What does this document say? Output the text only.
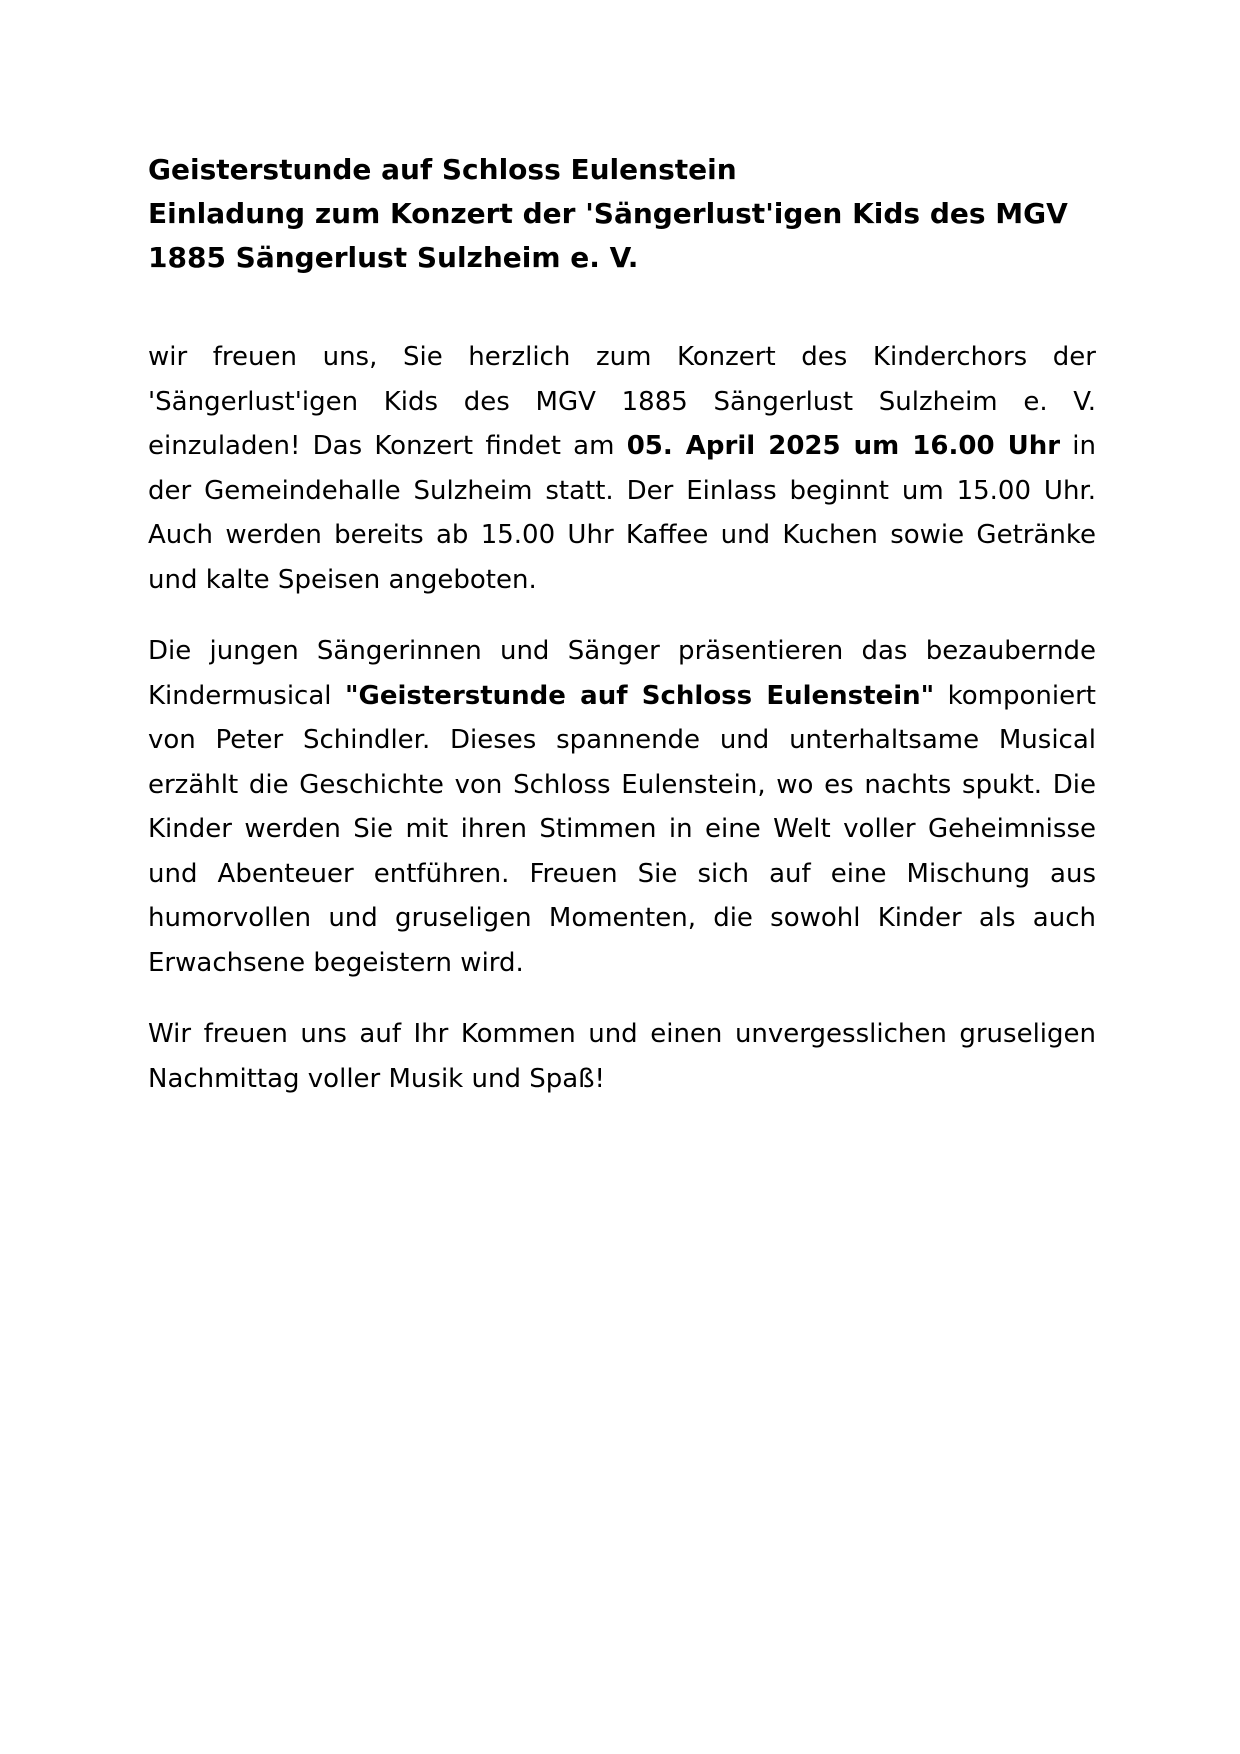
Geisterstunde auf Schloss Eulenstein
Einladung zum Konzert der 'Sängerlust'igen Kids des MGV
1885 Sängerlust Sulzheim e. V.

wir freuen uns, Sie herzlich zum Konzert des Kinderchors der 'Sängerlust'igen Kids des MGV 1885 Sängerlust Sulzheim e. V. einzuladen! Das Konzert findet am 05. April 2025 um 16.00 Uhr in der Gemeindehalle Sulzheim statt. Der Einlass beginnt um 15.00 Uhr. Auch werden bereits ab 15.00 Uhr Kaffee und Kuchen sowie Getränke und kalte Speisen angeboten.

Die jungen Sängerinnen und Sänger präsentieren das bezaubernde Kindermusical "Geisterstunde auf Schloss Eulenstein" komponiert von Peter Schindler. Dieses spannende und unterhaltsame Musical erzählt die Geschichte von Schloss Eulenstein, wo es nachts spukt. Die Kinder werden Sie mit ihren Stimmen in eine Welt voller Geheimnisse und Abenteuer entführen. Freuen Sie sich auf eine Mischung aus humorvollen und gruseligen Momenten, die sowohl Kinder als auch Erwachsene begeistern wird.

Wir freuen uns auf Ihr Kommen und einen unvergesslichen gruseligen Nachmittag voller Musik und Spaß!
